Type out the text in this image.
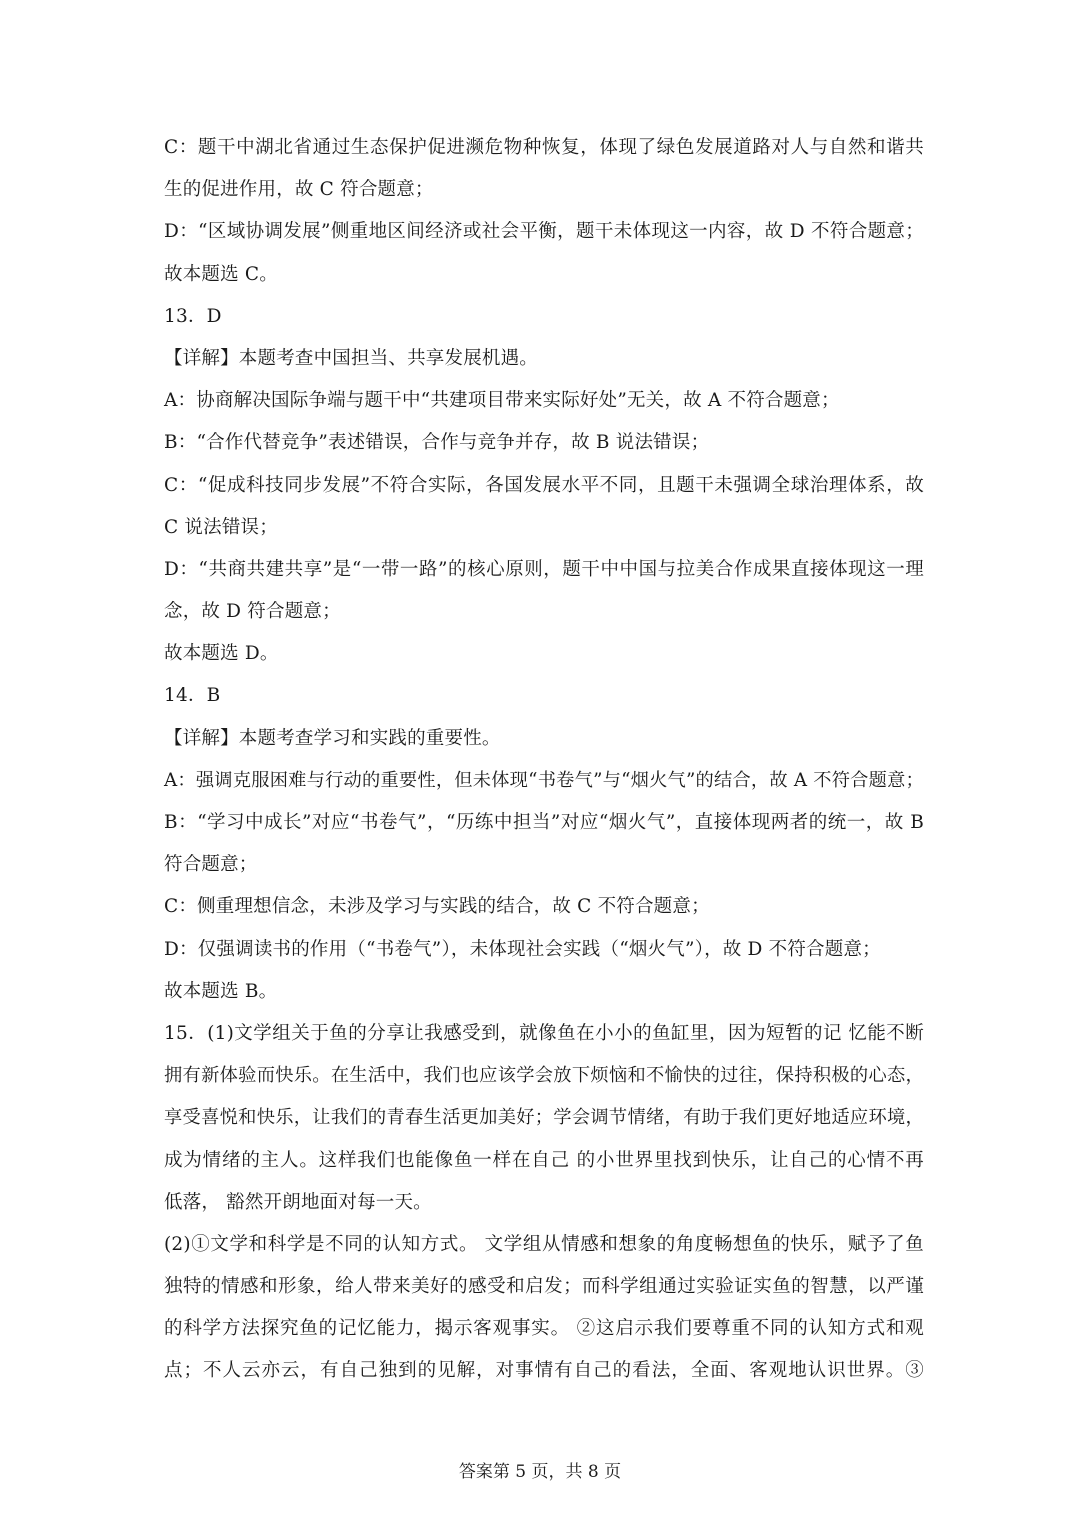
C：题干中湖北省通过生态保护促进濒危物种恢复，体现了绿色发展道路对人与自然和谐共
生的促进作用，故 C 符合题意；
D：“区域协调发展”侧重地区间经济或社会平衡，题干未体现这一内容，故 D 不符合题意；
故本题选 C。
13．D
【详解】本题考查中国担当、共享发展机遇。
A：协商解决国际争端与题干中“共建项目带来实际好处”无关，故 A 不符合题意；
B：“合作代替竞争”表述错误，合作与竞争并存，故 B 说法错误；
C：“促成科技同步发展”不符合实际，各国发展水平不同，且题干未强调全球治理体系，故
C 说法错误；
D：“共商共建共享”是“一带一路”的核心原则，题干中中国与拉美合作成果直接体现这一理
念，故 D 符合题意；
故本题选 D。
14．B
【详解】本题考查学习和实践的重要性。
A：强调克服困难与行动的重要性，但未体现“书卷气”与“烟火气”的结合，故 A 不符合题意；
B：“学习中成长”对应“书卷气”，“历练中担当”对应“烟火气”，直接体现两者的统一，故 B
符合题意；
C：侧重理想信念，未涉及学习与实践的结合，故 C 不符合题意；
D：仅强调读书的作用（“书卷气”），未体现社会实践（“烟火气”），故 D 不符合题意；
故本题选 B。
15．(1)文学组关于鱼的分享让我感受到，就像鱼在小小的鱼缸里，因为短暂的记 忆能不断
拥有新体验而快乐。在生活中，我们也应该学会放下烦恼和不愉快的过往，保持积极的心态，
享受喜悦和快乐，让我们的青春生活更加美好；学会调节情绪，有助于我们更好地适应环境，
成为情绪的主人。这样我们也能像鱼一样在自己 的小世界里找到快乐，让自己的心情不再
低落， 豁然开朗地面对每一天。
(2)①文学和科学是不同的认知方式。 文学组从情感和想象的角度畅想鱼的快乐，赋予了鱼
独特的情感和形象，给人带来美好的感受和启发；而科学组通过实验证实鱼的智慧，以严谨
的科学方法探究鱼的记忆能力，揭示客观事实。 ②这启示我们要尊重不同的认知方式和观
点；不人云亦云，有自己独到的见解，对事情有自己的看法，全面、客观地认识世界。③
答案第 5 页，共 8 页
